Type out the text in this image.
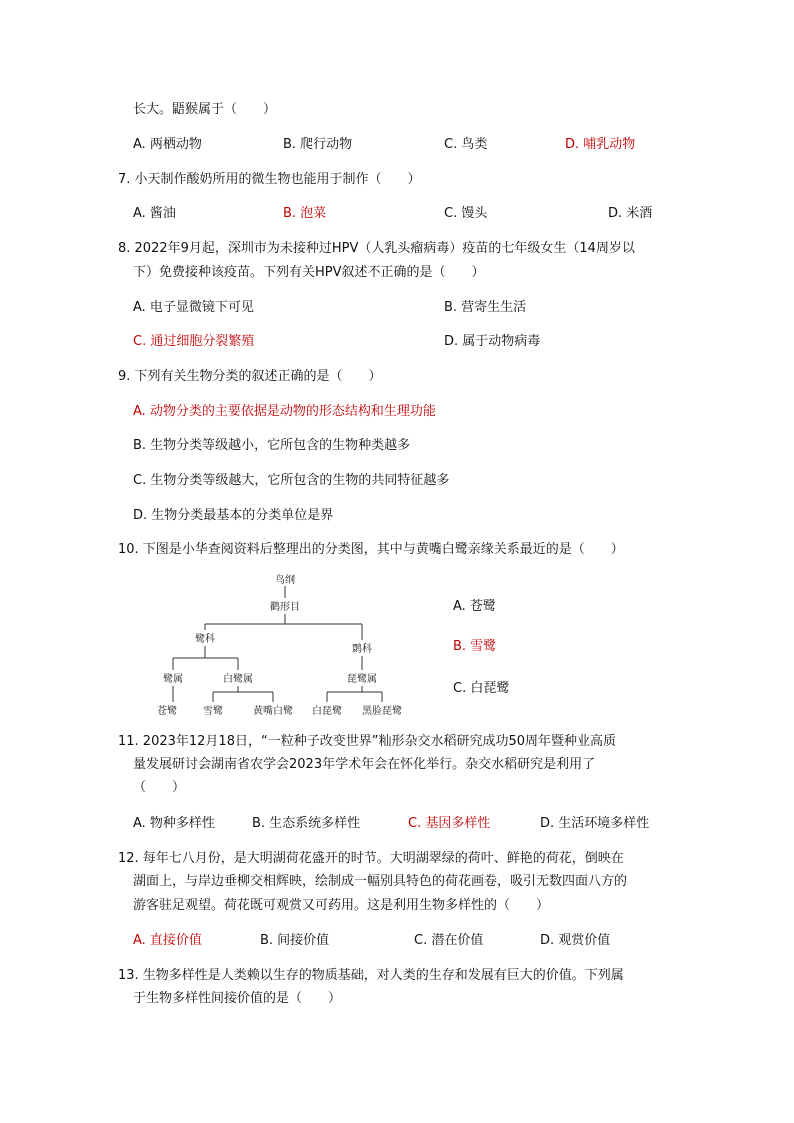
长大。鼯猴属于（　　）
A. 两栖动物	B. 爬行动物	C. 鸟类	D. 哺乳动物
7. 小天制作酸奶所用的微生物也能用于制作（　　）
A. 酱油	B. 泡菜	C. 馒头	D. 米酒
8. 2022年9月起，深圳市为未接种过HPV（人乳头瘤病毒）疫苗的七年级女生（14周岁以
下）免费接种该疫苗。下列有关HPV叙述不正确的是（　　）
A. 电子显微镜下可见	B. 营寄生生活
C. 通过细胞分裂繁殖	D. 属于动物病毒
9. 下列有关生物分类的叙述正确的是（　　）
A. 动物分类的主要依据是动物的形态结构和生理功能
B. 生物分类等级越小，它所包含的生物种类越多
C. 生物分类等级越大，它所包含的生物的共同特征越多
D. 生物分类最基本的分类单位是界
10. 下图是小华查阅资料后整理出的分类图，其中与黄嘴白鹭亲缘关系最近的是（　　）
鸟纲
鹳形目
鹭科
鹮科
鹭属	白鹭属	琵鹭属
苍鹭	雪鹭	黄嘴白鹭 白琵鹭 黑脸琵鹭
A. 苍鹭
B. 雪鹭
C. 白琵鹭
11. 2023年12月18日，“一粒种子改变世界”籼形杂交水稻研究成功50周年暨种业高质
量发展研讨会湖南省农学会2023年学术年会在怀化举行。杂交水稻研究是利用了
（　　）
A. 物种多样性	B. 生态系统多样性	C. 基因多样性	D. 生活环境多样性
12. 每年七八月份，是大明湖荷花盛开的时节。大明湖翠绿的荷叶、鲜艳的荷花，倒映在
湖面上，与岸边垂柳交相辉映，绘制成一幅别具特色的荷花画卷，吸引无数四面八方的
游客驻足观望。荷花既可观赏又可药用。这是利用生物多样性的（　　）
A. 直接价值	B. 间接价值	C. 潜在价值	D. 观赏价值
13. 生物多样性是人类赖以生存的物质基础，对人类的生存和发展有巨大的价值。下列属
于生物多样性间接价值的是（　　）
